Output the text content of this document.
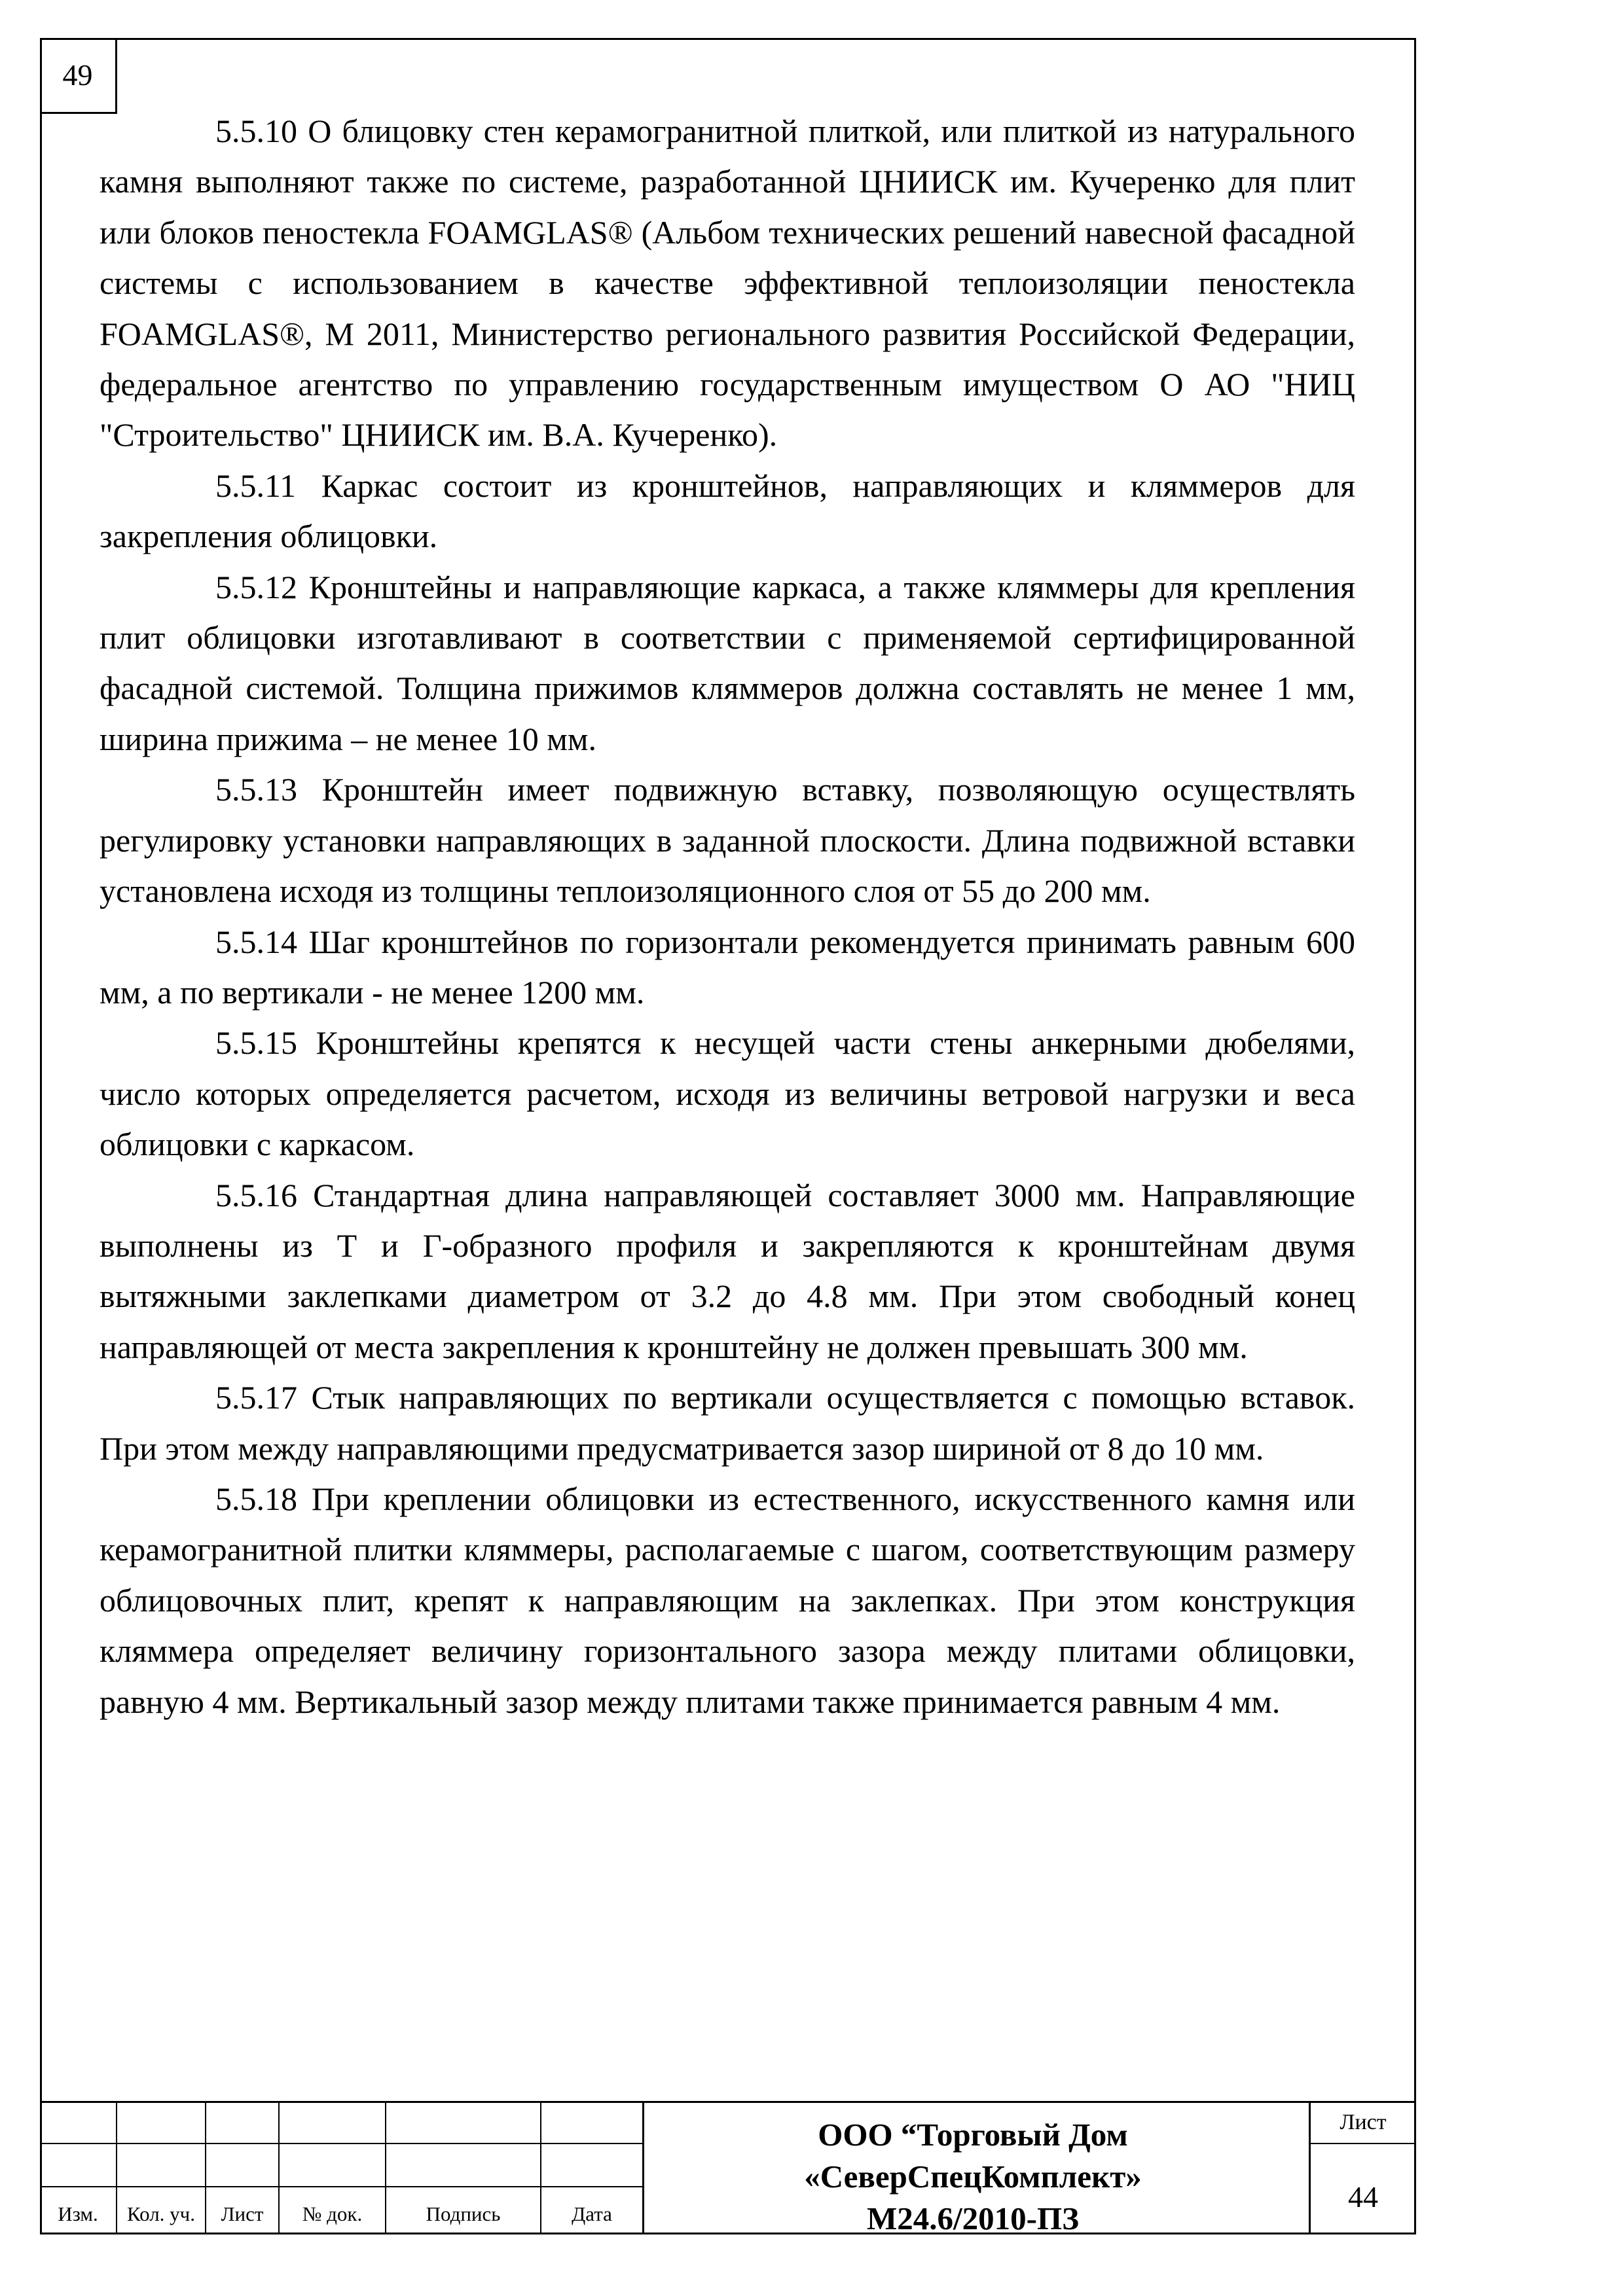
49

5.5.10 О блицовку стен керамогранитной плиткой, или плиткой из натурального камня выполняют также по системе, разработанной ЦНИИСК им. Кучеренко для плит или блоков пеностекла FOAMGLAS® (Альбом технических решений навесной фасадной системы с использованием в качестве эффективной теплоизоляции пеностекла FOAMGLAS®, М 2011, Министерство регионального развития Российской Федерации, федеральное агентство по управлению государственным имуществом О АО "НИЦ "Строительство" ЦНИИСК им. В.А. Кучеренко).

5.5.11 Каркас состоит из кронштейнов, направляющих и кляммеров для закрепления облицовки.

5.5.12 Кронштейны и направляющие каркаса, а также кляммеры для крепления плит облицовки изготавливают в соответствии с применяемой сертифицированной фасадной системой. Толщина прижимов кляммеров должна составлять не менее 1 мм, ширина прижима – не менее 10 мм.

5.5.13 Кронштейн имеет подвижную вставку, позволяющую осуществлять регулировку установки направляющих в заданной плоскости. Длина подвижной вставки установлена исходя из толщины теплоизоляционного слоя от 55 до 200 мм.

5.5.14 Шаг кронштейнов по горизонтали рекомендуется принимать равным 600 мм, а по вертикали - не менее 1200 мм.

5.5.15 Кронштейны крепятся к несущей части стены анкерными дюбелями, число которых определяется расчетом, исходя из величины ветровой нагрузки и веса облицовки с каркасом.

5.5.16 Стандартная длина направляющей составляет 3000 мм. Направляющие выполнены из Т и Г-образного профиля и закрепляются к кронштейнам двумя вытяжными заклепками диаметром от 3.2 до 4.8 мм. При этом свободный конец направляющей от места закрепления к кронштейну не должен превышать 300 мм.

5.5.17 Стык направляющих по вертикали осуществляется с помощью вставок. При этом между направляющими предусматривается зазор шириной от 8 до 10 мм.

5.5.18 При креплении облицовки из естественного, искусственного камня или керамогранитной плитки кляммеры, располагаемые с шагом, соответствующим размеру облицовочных плит, крепят к направляющим на заклепках. При этом конструкция кляммера определяет величину горизонтального зазора между плитами облицовки, равную 4 мм. Вертикальный зазор между плитами также принимается равным 4 мм.

Изм.	Кол. уч.	Лист	№ док.	Подпись	Дата
ООО “Торговый Дом
«СеверСпецКомплект»
М24.6/2010-ПЗ
Лист
44
